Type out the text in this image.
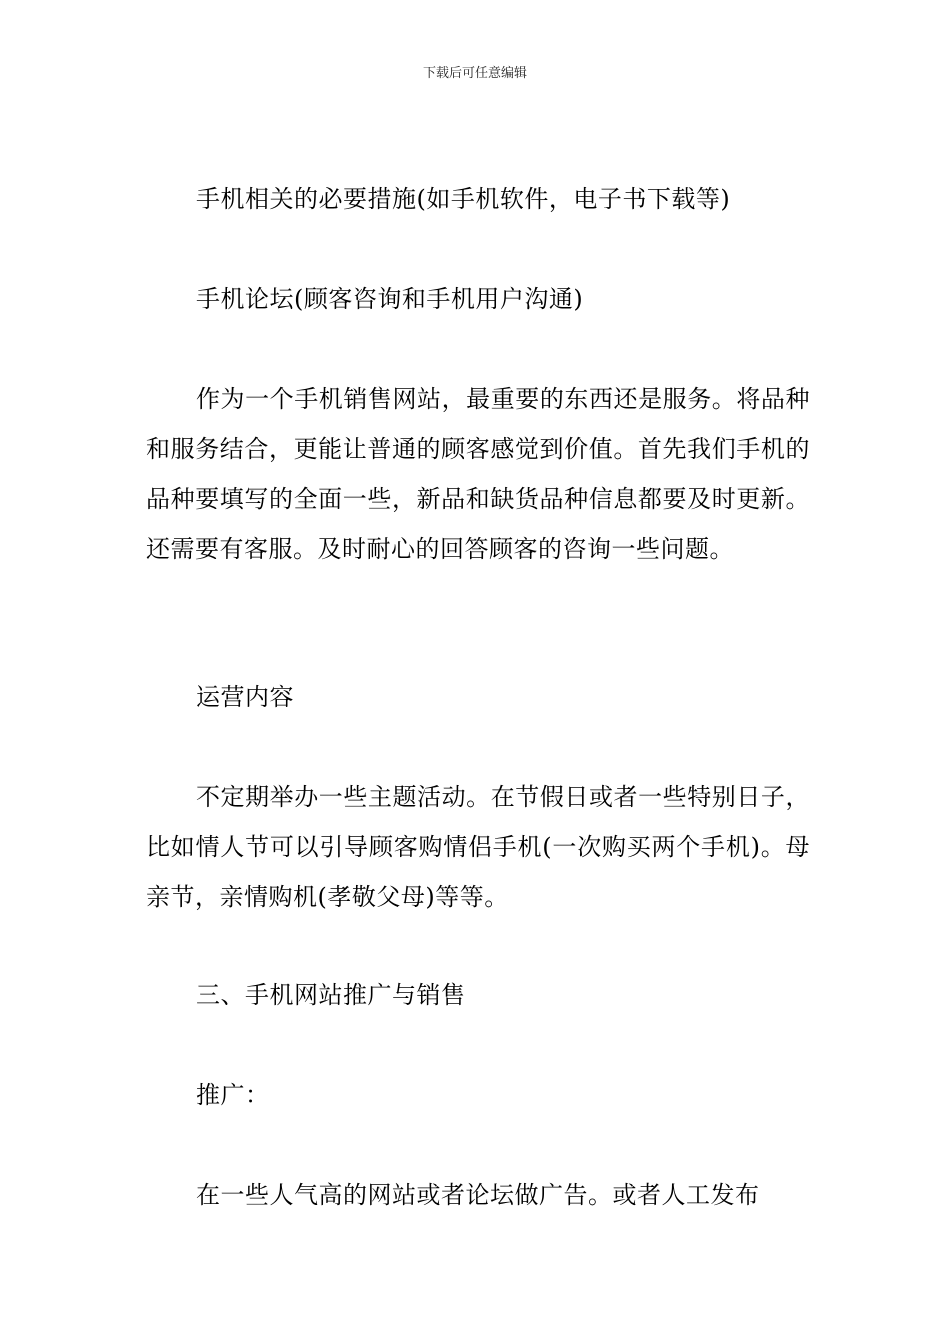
下载后可任意编辑

手机相关的必要措施(如手机软件，电子书下载等)

手机论坛(顾客咨询和手机用户沟通)

作为一个手机销售网站，最重要的东西还是服务。将品种和服务结合，更能让普通的顾客感觉到价值。首先我们手机的品种要填写的全面一些，新品和缺货品种信息都要及时更新。还需要有客服。及时耐心的回答顾客的咨询一些问题。

运营内容

不定期举办一些主题活动。在节假日或者一些特别日子，比如情人节可以引导顾客购情侣手机(一次购买两个手机)。母亲节，亲情购机(孝敬父母)等等。

三、手机网站推广与销售

推广：

在一些人气高的网站或者论坛做广告。或者人工发布
